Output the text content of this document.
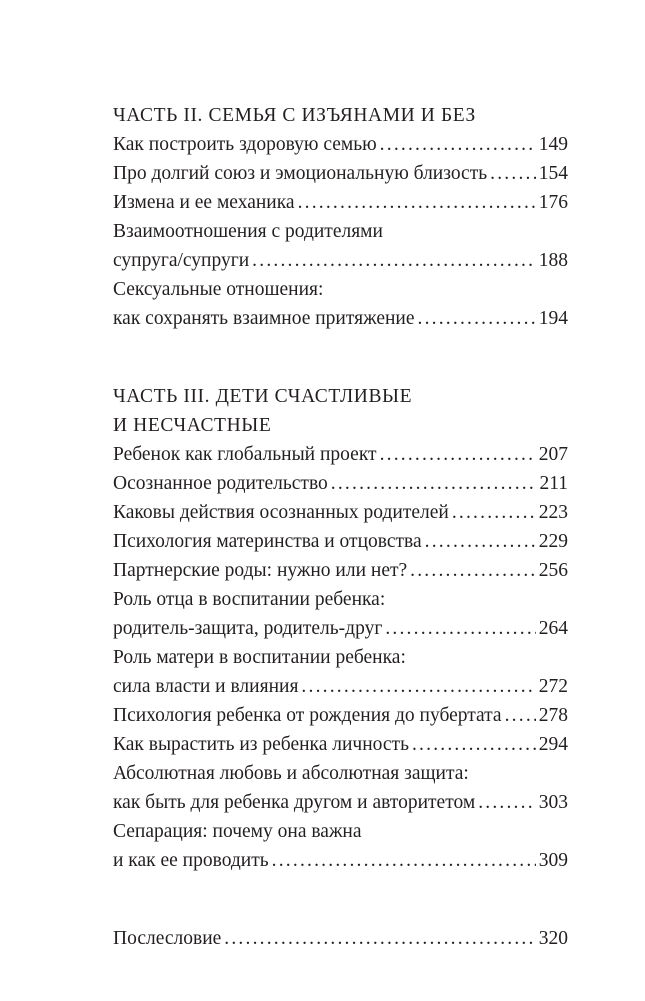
ЧАСТЬ II. СЕМЬЯ С ИЗЪЯНАМИ И БЕЗ
Как построить здоровую семью .....	149
Про долгий союз и эмоциональную близость .....	154
Измена и ее механика .....	176
Взаимоотношения с родителями
супруга/супруги .....	188
Сексуальные отношения:
как сохранять взаимное притяжение .....	194
ЧАСТЬ III. ДЕТИ СЧАСТЛИВЫЕ
И НЕСЧАСТНЫЕ
Ребенок как глобальный проект .....	207
Осознанное родительство .....	211
Каковы действия осознанных родителей .....	223
Психология материнства и отцовства .....	229
Партнерские роды: нужно или нет? .....	256
Роль отца в воспитании ребенка:
родитель-защита, родитель-друг .....	264
Роль матери в воспитании ребенка:
сила власти и влияния .....	272
Психология ребенка от рождения до пубертата ..... 278
Как вырастить из ребенка личность .....	294
Абсолютная любовь и абсолютная защита:
как быть для ребенка другом и авторитетом .....	303
Сепарация: почему она важна
и как ее проводить .....	309
Послесловие .....	320
